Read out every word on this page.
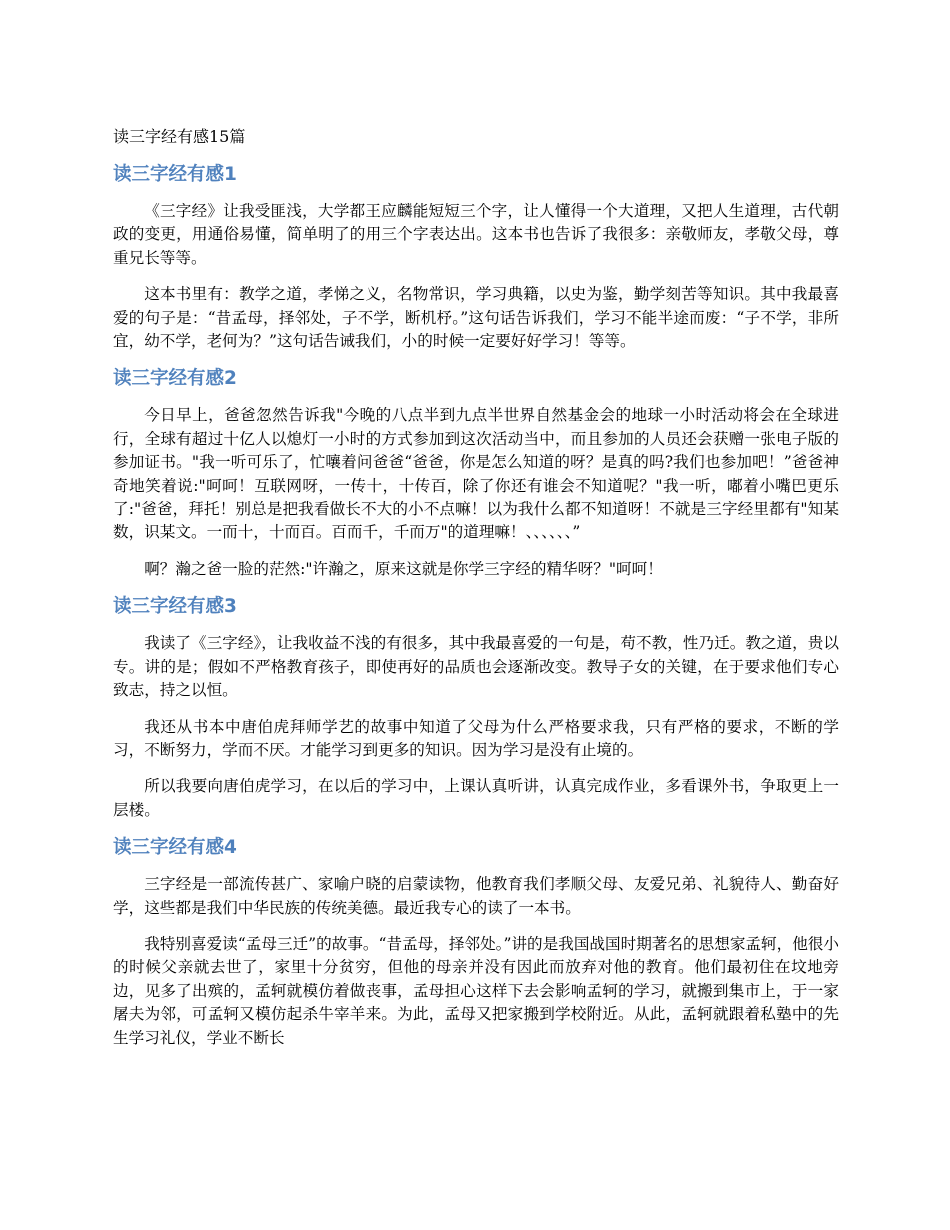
读三字经有感15篇
读三字经有感1

《三字经》让我受匪浅，大学都王应麟能短短三个字，让人懂得一个大道理，又把人生道理，古代朝政的变更，用通俗易懂，简单明了的用三个字表达出。这本书也告诉了我很多：亲敬师友，孝敬父母，尊重兄长等等。

这本书里有：教学之道，孝悌之义，名物常识，学习典籍，以史为鉴，勤学刻苦等知识。其中我最喜爱的句子是：“昔孟母，择邻处，子不学，断机杼。”这句话告诉我们，学习不能半途而废：“子不学，非所宜，幼不学，老何为？”这句话告诫我们，小的时候一定要好好学习！等等。

读三字经有感2

今日早上，爸爸忽然告诉我"今晚的八点半到九点半世界自然基金会的地球一小时活动将会在全球进行，全球有超过十亿人以熄灯一小时的方式参加到这次活动当中，而且参加的人员还会获赠一张电子版的参加证书。"我一听可乐了，忙嚷着问爸爸“爸爸，你是怎么知道的呀？是真的吗?我们也参加吧！”爸爸神奇地笑着说:"呵呵！互联网呀，一传十，十传百，除了你还有谁会不知道呢？"我一听，嘟着小嘴巴更乐了:"爸爸，拜托！别总是把我看做长不大的小不点嘛！以为我什么都不知道呀！不就是三字经里都有"知某数，识某文。一而十，十而百。百而千，千而万"的道理嘛！、、、、、、”

啊？瀚之爸一脸的茫然:"许瀚之，原来这就是你学三字经的精华呀？"呵呵！

读三字经有感3

我读了《三字经》，让我收益不浅的有很多，其中我最喜爱的一句是，苟不教，性乃迁。教之道，贵以专。讲的是；假如不严格教育孩子，即使再好的品质也会逐渐改变。教导子女的关键，在于要求他们专心致志，持之以恒。

我还从书本中唐伯虎拜师学艺的故事中知道了父母为什么严格要求我，只有严格的要求，不断的学习，不断努力，学而不厌。才能学习到更多的知识。因为学习是没有止境的。

所以我要向唐伯虎学习，在以后的学习中，上课认真听讲，认真完成作业，多看课外书，争取更上一层楼。

读三字经有感4

三字经是一部流传甚广、家喻户晓的启蒙读物，他教育我们孝顺父母、友爱兄弟、礼貌待人、勤奋好学，这些都是我们中华民族的传统美德。最近我专心的读了一本书。

我特别喜爱读“孟母三迁”的故事。“昔孟母，择邻处。”讲的是我国战国时期著名的思想家孟轲，他很小的时候父亲就去世了，家里十分贫穷，但他的母亲并没有因此而放弃对他的教育。他们最初住在坟地旁边，见多了出殡的，孟轲就模仿着做丧事，孟母担心这样下去会影响孟轲的学习，就搬到集市上，于一家屠夫为邻，可孟轲又模仿起杀牛宰羊来。为此，孟母又把家搬到学校附近。从此，孟轲就跟着私塾中的先生学习礼仪，学业不断长
